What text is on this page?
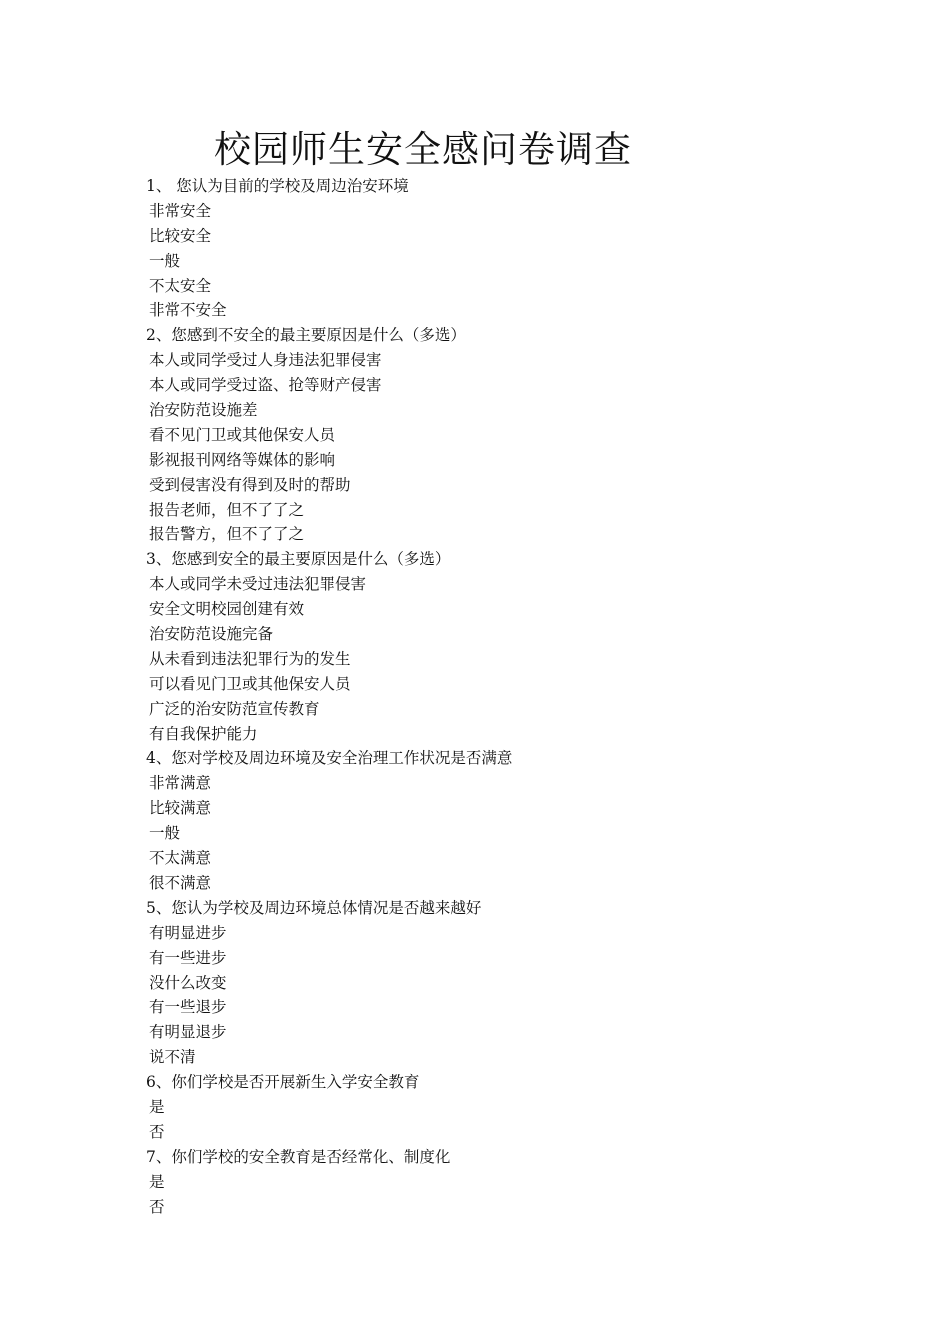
校园师生安全感问卷调查
1、 您认为目前的学校及周边治安环境
非常安全
比较安全
一般
不太安全
非常不安全
2、您感到不安全的最主要原因是什么（多选）
本人或同学受过人身违法犯罪侵害
本人或同学受过盗、抢等财产侵害
治安防范设施差
看不见门卫或其他保安人员
影视报刊网络等媒体的影响
受到侵害没有得到及时的帮助
报告老师，但不了了之
报告警方，但不了了之
3、您感到安全的最主要原因是什么（多选）
本人或同学未受过违法犯罪侵害
安全文明校园创建有效
治安防范设施完备
从未看到违法犯罪行为的发生
可以看见门卫或其他保安人员
广泛的治安防范宣传教育
有自我保护能力
4、您对学校及周边环境及安全治理工作状况是否满意
非常满意
比较满意
一般
不太满意
很不满意
5、您认为学校及周边环境总体情况是否越来越好
有明显进步
有一些进步
没什么改变
有一些退步
有明显退步
说不清
6、你们学校是否开展新生入学安全教育
是
否
7、你们学校的安全教育是否经常化、制度化
是
否
